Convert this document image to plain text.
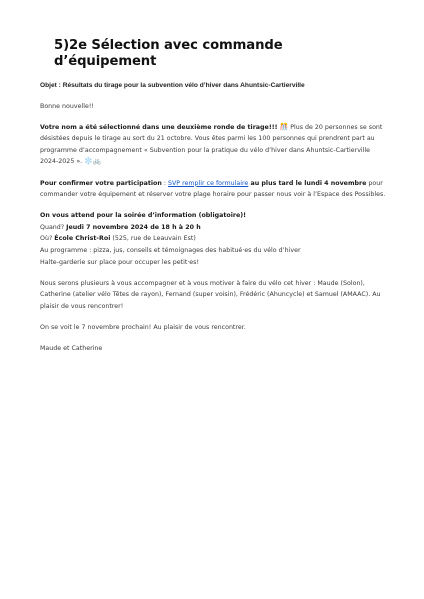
5)2e Sélection avec commande d’équipement

Objet : Résultats du tirage pour la subvention vélo d’hiver dans Ahuntsic-Cartierville

Bonne nouvelle!!

Votre nom a été sélectionné dans une deuxième ronde de tirage!!! 🎊 Plus de 20 personnes se sont désistées depuis le tirage au sort du 21 octobre. Vous êtes parmi les 100 personnes qui prendrent part au programme d’accompagnement « Subvention pour la pratique du vélo d’hiver dans Ahuntsic-Cartierville 2024-2025 ». ❄️🚲

Pour confirmer votre participation : SVP remplir ce formulaire au plus tard le lundi 4 novembre pour commander votre équipement et réserver votre plage horaire pour passer nous voir à l’Espace des Possibles.

On vous attend pour la soirée d’information (obligatoire)!

Quand? Jeudi 7 novembre 2024 de 18 h à 20 h

Où? École Christ-Roi (525, rue de Leauvain Est)

Au programme : pizza, jus, conseils et témoignages des habitué·es du vélo d’hiver

Halte-garderie sur place pour occuper les petit·es!

Nous serons plusieurs à vous accompagner et à vous motiver à faire du vélo cet hiver : Maude (Solon), Catherine (atelier vélo Têtes de rayon), Fernand (super voisin), Frédéric (Ahuncycle) et Samuel (AMAAC). Au plaisir de vous rencontrer!

On se voit le 7 novembre prochain! Au plaisir de vous rencontrer.

Maude et Catherine
